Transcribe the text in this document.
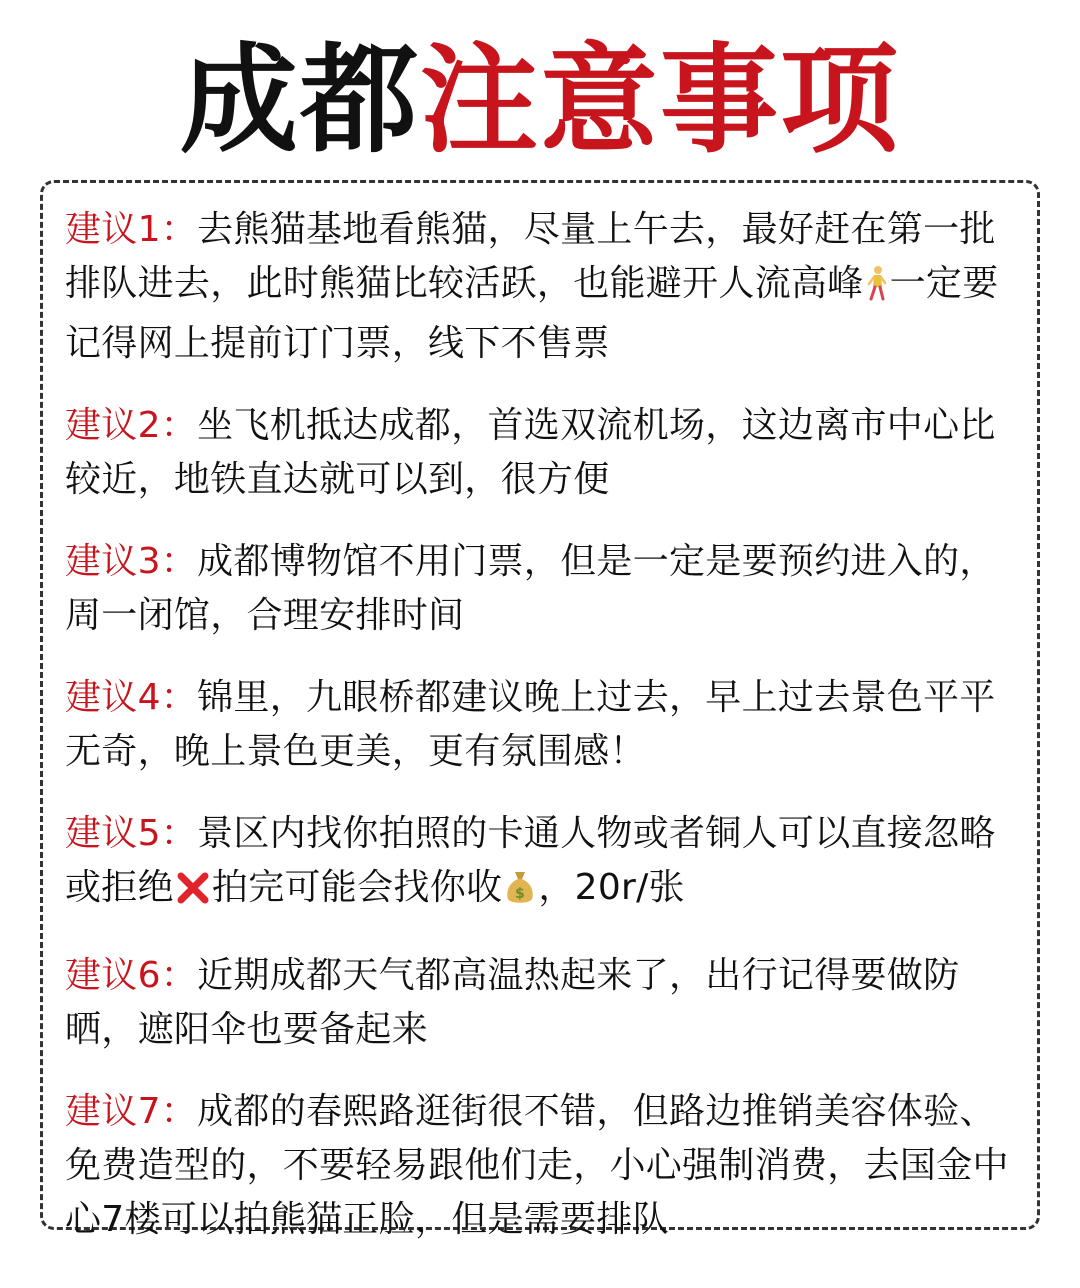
成都注意事项
建议1：去熊猫基地看熊猫，尽量上午去，最好赶在第一批排队进去，此时熊猫比较活跃，也能避开人流高峰 一定要记得网上提前订门票，线下不售票
建议2：坐飞机抵达成都，首选双流机场，这边离市中心比较近，地铁直达就可以到，很方便
建议3：成都博物馆不用门票，但是一定是要预约进入的，周一闭馆，合理安排时间
建议4：锦里，九眼桥都建议晚上过去，早上过去景色平平无奇，晚上景色更美，更有氛围感！
建议5：景区内找你拍照的卡通人物或者铜人可以直接忽略或拒绝 拍完可能会找你收 $ ，20r/张
建议6：近期成都天气都高温热起来了，出行记得要做防晒，遮阳伞也要备起来
建议7：成都的春熙路逛街很不错，但路边推销美容体验、免费造型的，不要轻易跟他们走，小心强制消费，去国金中心7楼可以拍熊猫正脸，但是需要排队
